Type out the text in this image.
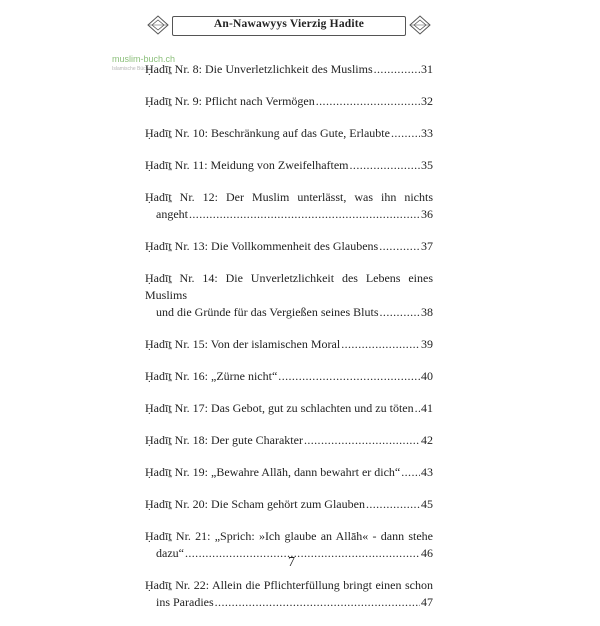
An-Nawawyys Vierzig Hadite
muslim-buch.ch
Islamische Bücher
Ḥadīṯ Nr. 8: Die Unverletzlichkeit des Muslims .....	31
Ḥadīṯ Nr. 9: Pflicht nach Vermögen .....	32
Ḥadīṯ Nr. 10: Beschränkung auf das Gute, Erlaubte .....	33
Ḥadīṯ Nr. 11: Meidung von Zweifelhaftem .....	35
Ḥadīṯ Nr. 12: Der Muslim unterlässt, was ihn nichts
angeht .....	36
Ḥadīṯ Nr. 13: Die Vollkommenheit des Glaubens .....	37
Ḥadīṯ Nr. 14: Die Unverletzlichkeit des Lebens eines Muslims
und die Gründe für das Vergießen seines Bluts .....	38
Ḥadīṯ Nr. 15: Von der islamischen Moral .....	39
Ḥadīṯ Nr. 16: „Zürne nicht“ .....	40
Ḥadīṯ Nr. 17: Das Gebot, gut zu schlachten und zu töten ..... 41
Ḥadīṯ Nr. 18: Der gute Charakter .....	42
Ḥadīṯ Nr. 19: „Bewahre Allāh, dann bewahrt er dich“ ..... 43
Ḥadīṯ Nr. 20: Die Scham gehört zum Glauben .....	45
Ḥadīṯ Nr. 21: „Sprich: »Ich glaube an Allāh« - dann stehe
dazu“ .....	46
Ḥadīṯ Nr. 22: Allein die Pflichterfüllung bringt einen schon
ins Paradies .....	47
7
